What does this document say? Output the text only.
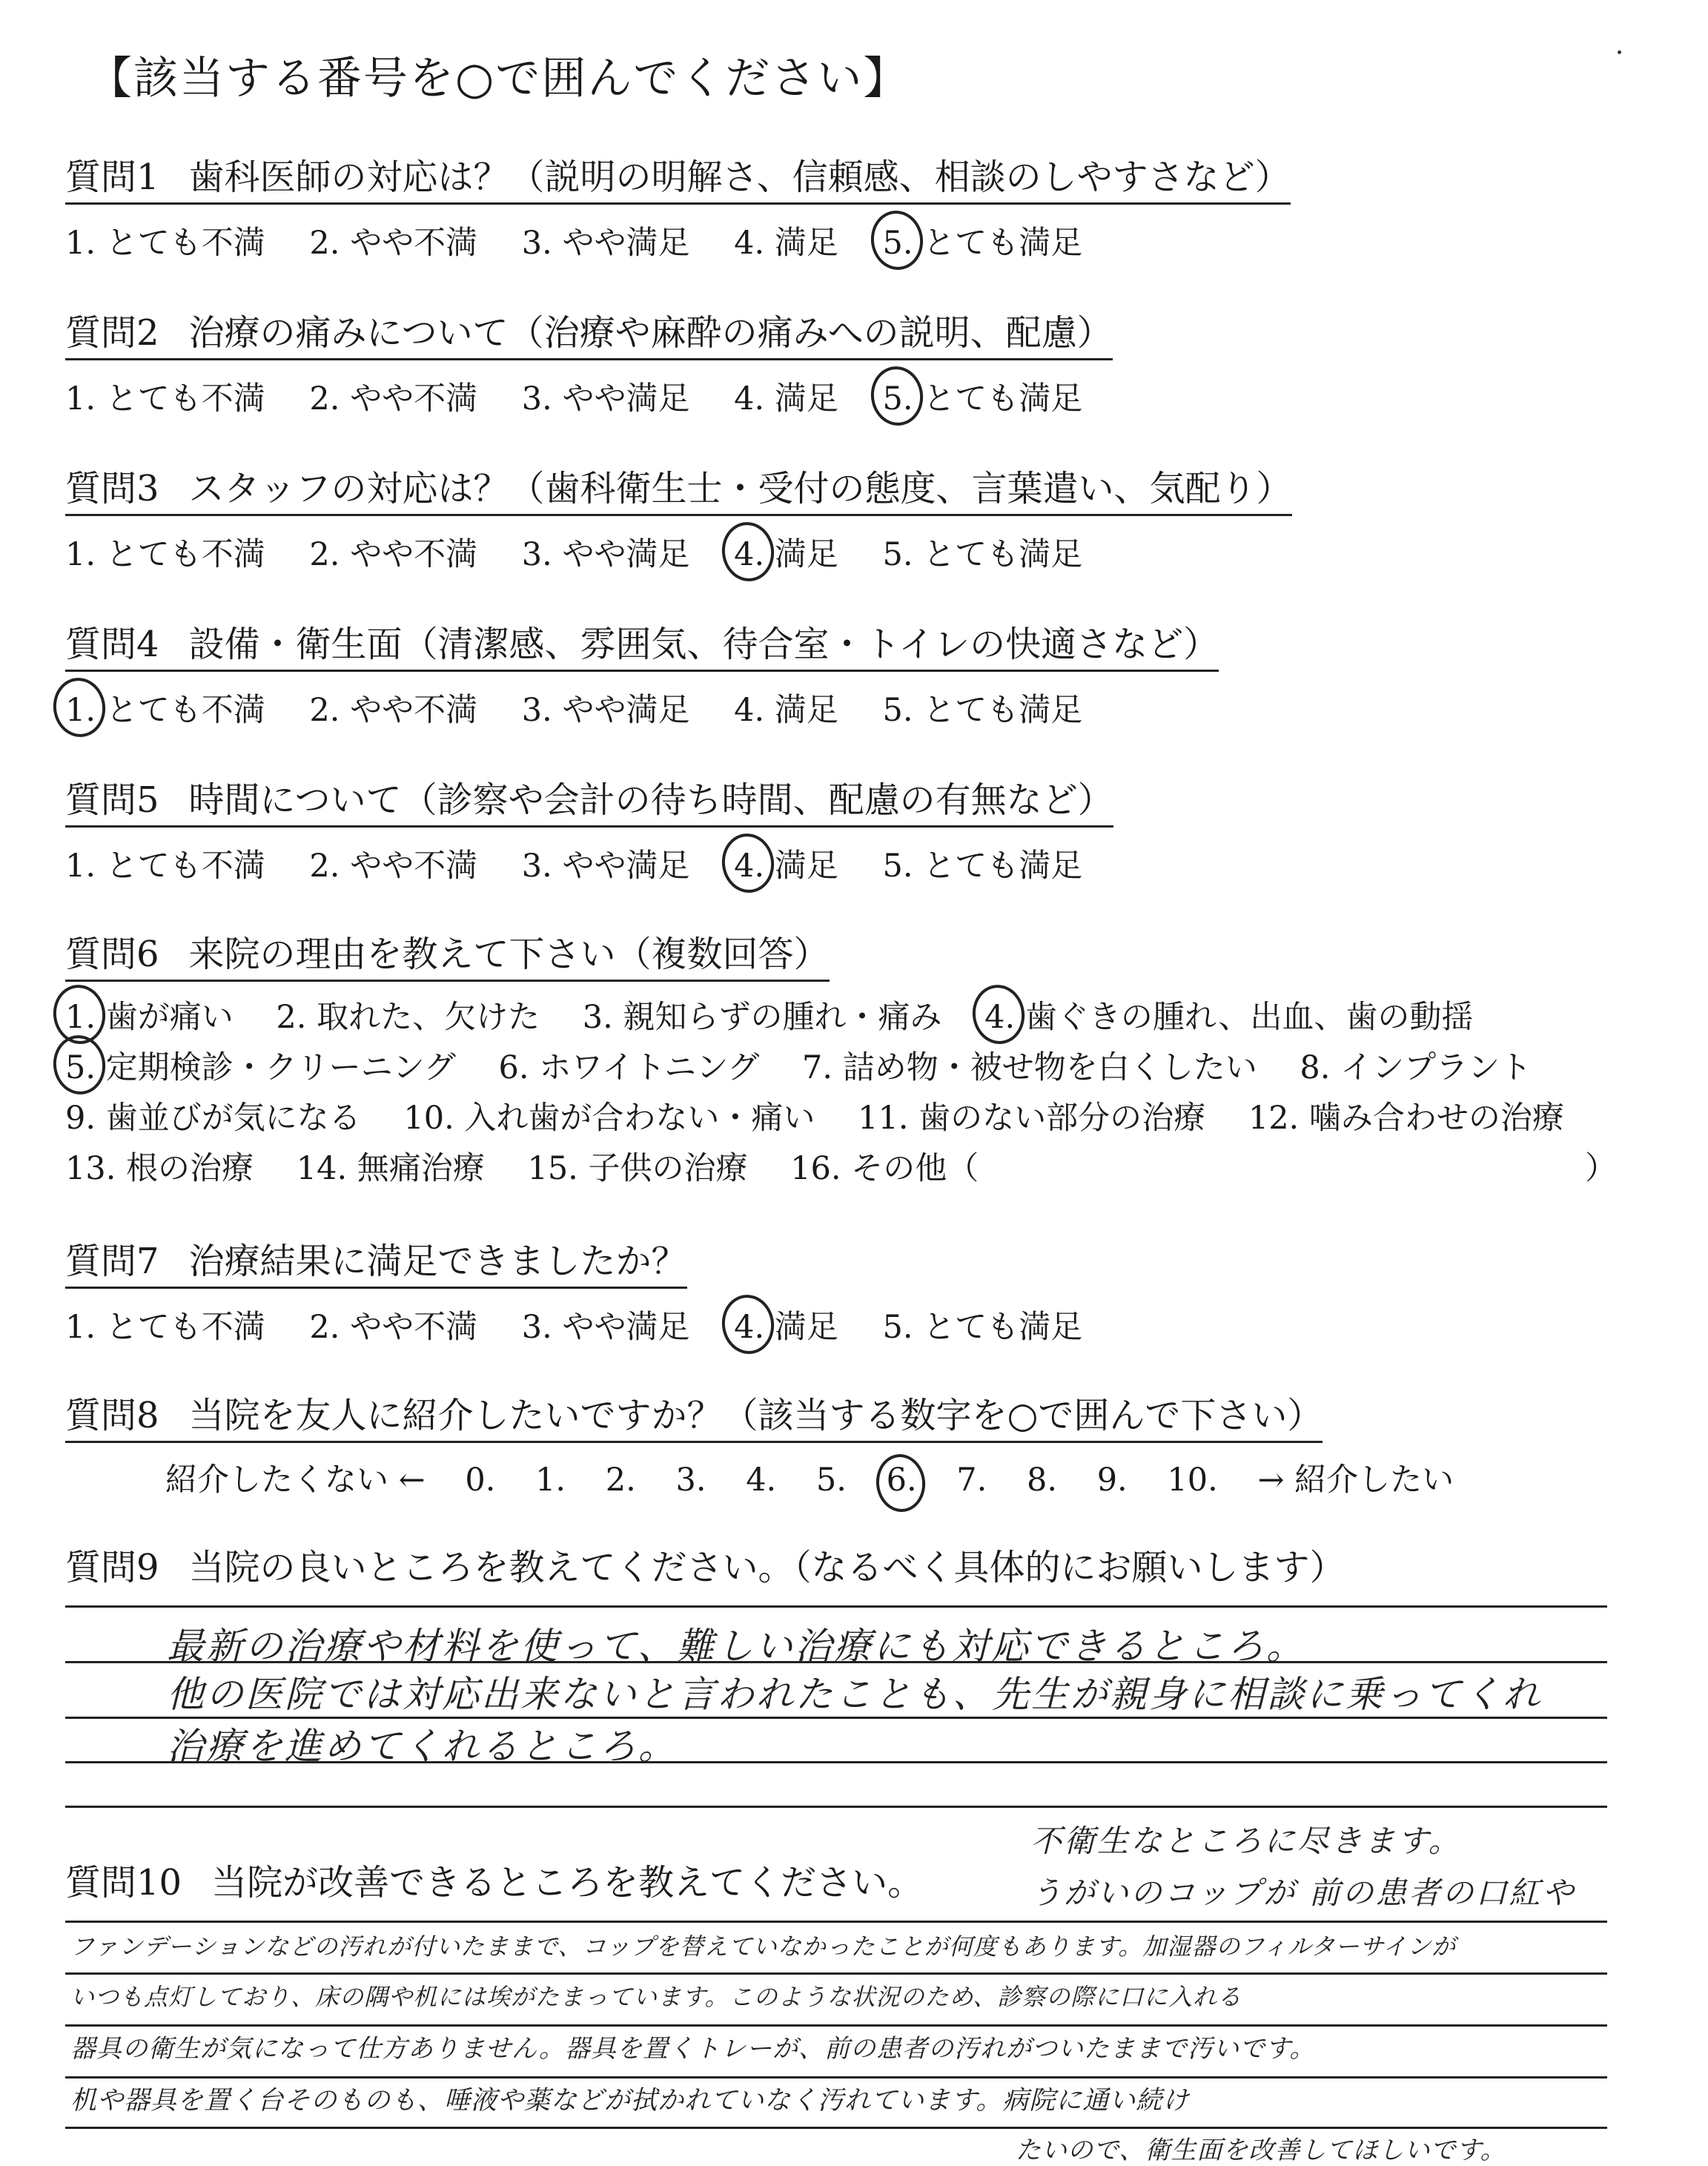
【該当する番号を○で囲んでください】
質問1 歯科医師の対応は？（説明の明解さ、信頼感、相談のしやすさなど）
1. とても不満 2. やや不満 3. やや満足 4. 満足 5. とても満足
質問2 治療の痛みについて（治療や麻酔の痛みへの説明、配慮）
1. とても不満 2. やや不満 3. やや満足 4. 満足 5. とても満足
質問3 スタッフの対応は？（歯科衛生士・受付の態度、言葉遣い、気配り）
1. とても不満 2. やや不満 3. やや満足 4. 満足 5. とても満足
質問4 設備・衛生面（清潔感、雰囲気、待合室・トイレの快適さなど）
1. とても不満 2. やや不満 3. やや満足 4. 満足 5. とても満足
質問5 時間について（診察や会計の待ち時間、配慮の有無など）
1. とても不満 2. やや不満 3. やや満足 4. 満足 5. とても満足
質問6 来院の理由を教えて下さい（複数回答）
1. 歯が痛い 2. 取れた、欠けた 3. 親知らずの腫れ・痛み 4. 歯ぐきの腫れ、出血、歯の動揺
5. 定期検診・クリーニング 6. ホワイトニング 7. 詰め物・被せ物を白くしたい 8. インプラント
9. 歯並びが気になる 10. 入れ歯が合わない・痛い 11. 歯のない部分の治療 12. 噛み合わせの治療
13. 根の治療 14. 無痛治療 15. 子供の治療 16. その他（	）
質問7 治療結果に満足できましたか？
1. とても不満 2. やや不満 3. やや満足 4. 満足 5. とても満足
質問8 当院を友人に紹介したいですか？（該当する数字を○で囲んで下さい）
紹介したくない ← 0. 1. 2. 3. 4. 5. 6. 7. 8. 9. 10. → 紹介したい
質問9 当院の良いところを教えてください。（なるべく具体的にお願いします）
最新の治療や材料を使って、難しい治療にも対応できるところ。
他の医院では対応出来ないと言われたことも、先生が親身に相談に乗ってくれ
治療を進めてくれるところ。
質問10 当院が改善できるところを教えてください。
不衛生なところに尽きます。
うがいのコップが 前の患者の口紅や
ファンデーションなどの汚れが付いたままで、コップを替えていなかったことが何度もあります。加湿器のフィルターサインが
いつも点灯しており、床の隅や机には埃がたまっています。このような状況のため、診察の際に口に入れる
器具の衛生が気になって仕方ありません。器具を置くトレーが、前の患者の汚れがついたままで汚いです。
机や器具を置く台そのものも、唾液や薬などが拭かれていなく汚れています。病院に通い続け
たいので、衛生面を改善してほしいです。
